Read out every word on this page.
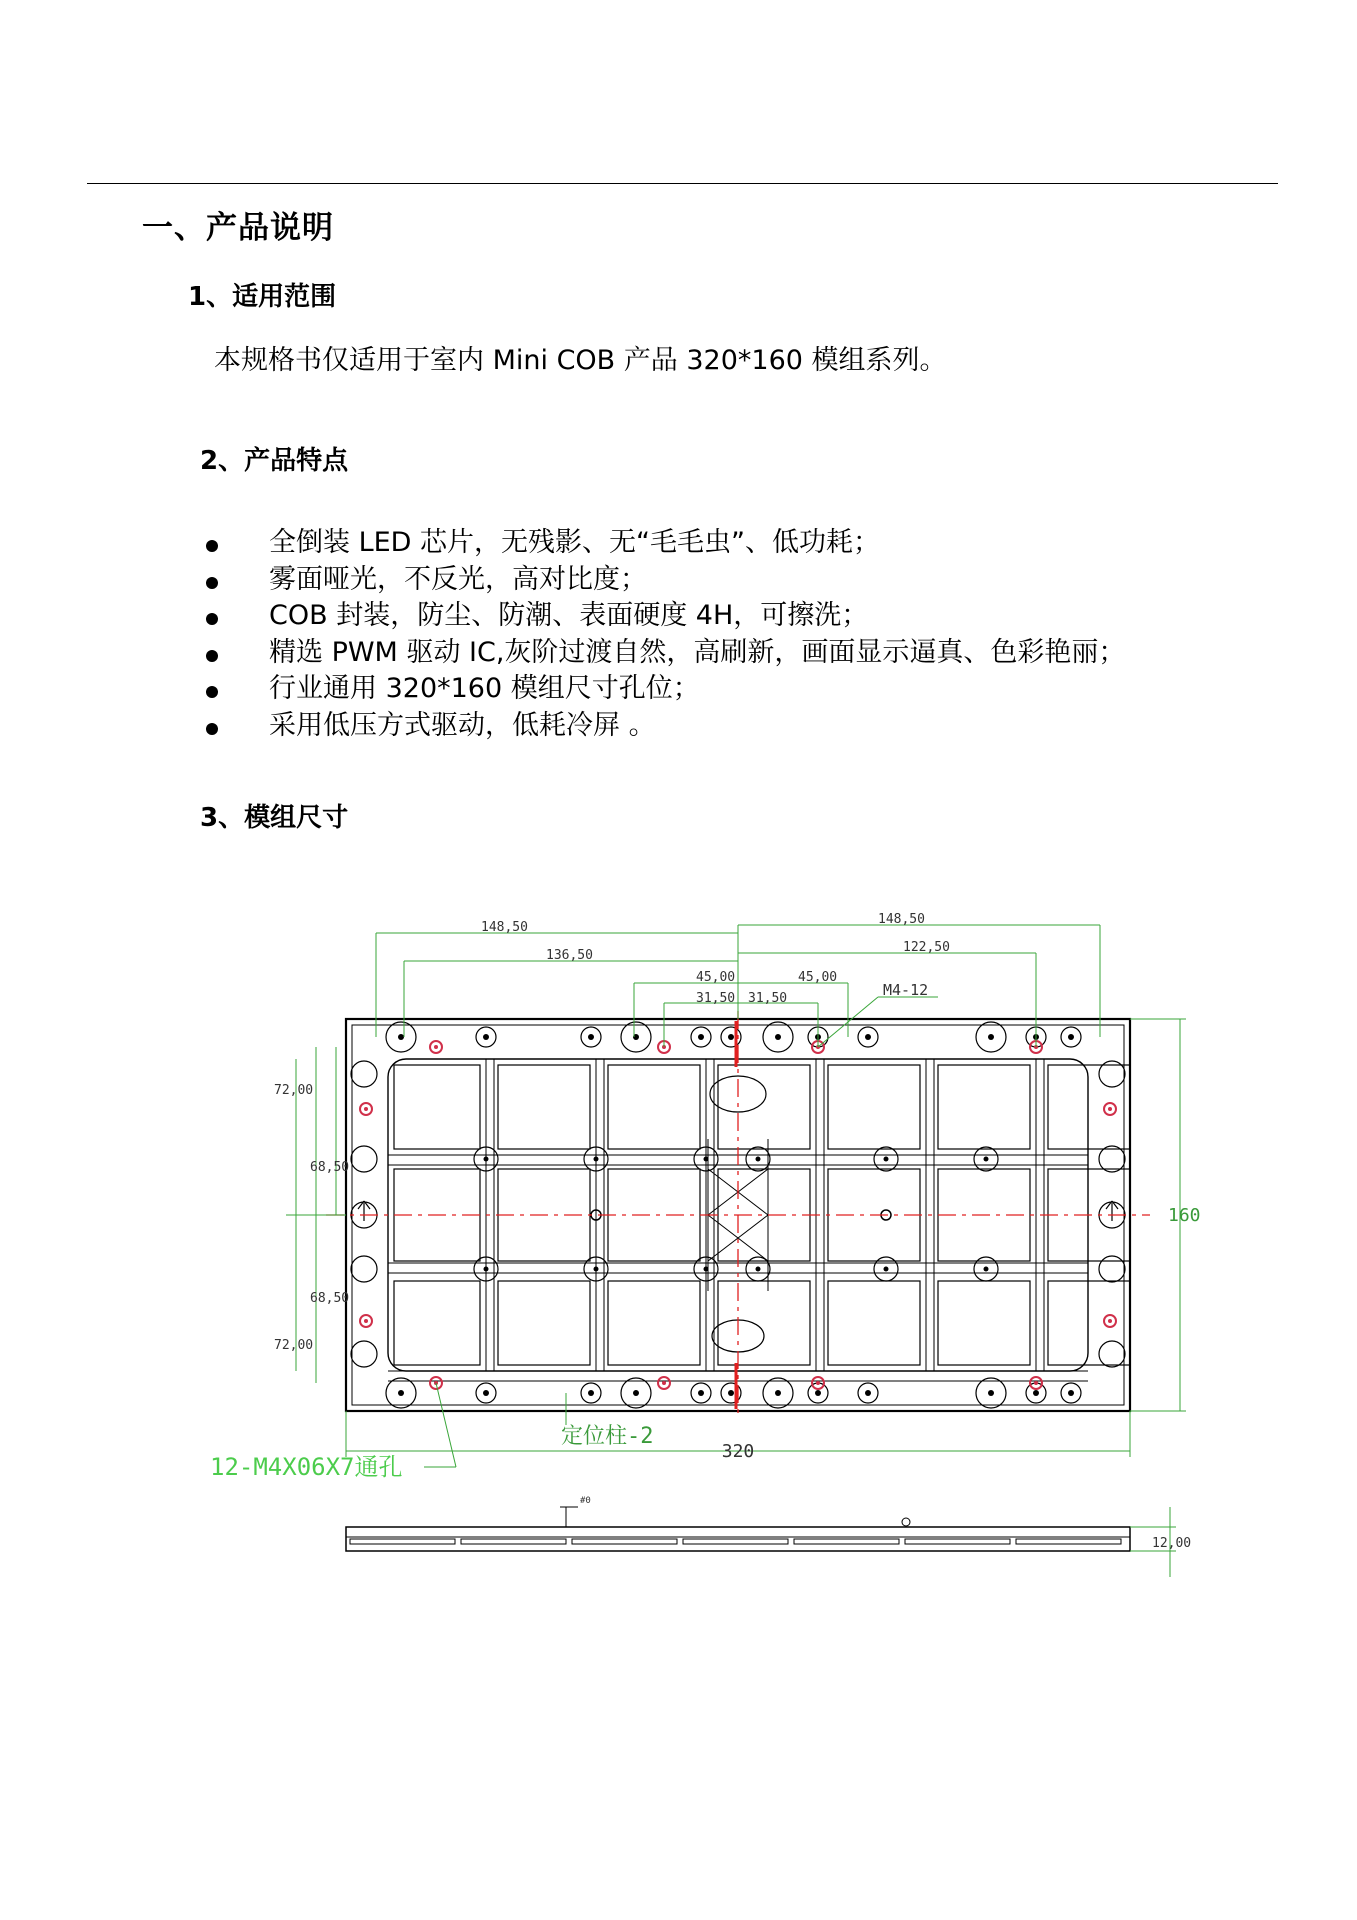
一、产品说明
1、适用范围
本规格书仅适用于室内 Mini COB 产品 320*160 模组系列。
2、产品特点
全倒装 LED 芯片，无残影、无“毛毛虫”、低功耗；
雾面哑光，不反光，高对比度；
COB 封装，防尘、防潮、表面硬度 4H，可擦洗；
精选 PWM 驱动 IC,灰阶过渡自然，高刷新，画面显示逼真、色彩艳丽；
行业通用 320*160 模组尺寸孔位；
采用低压方式驱动，低耗冷屏 。
3、模组尺寸
148,50
136,50
45,00
31,50
148,50
122,50
45,00
31,50	M4-12
72,00
68,50
68,50
72,00
160
320
定位柱-2
12-M4X06X7通孔
#0
12,00
